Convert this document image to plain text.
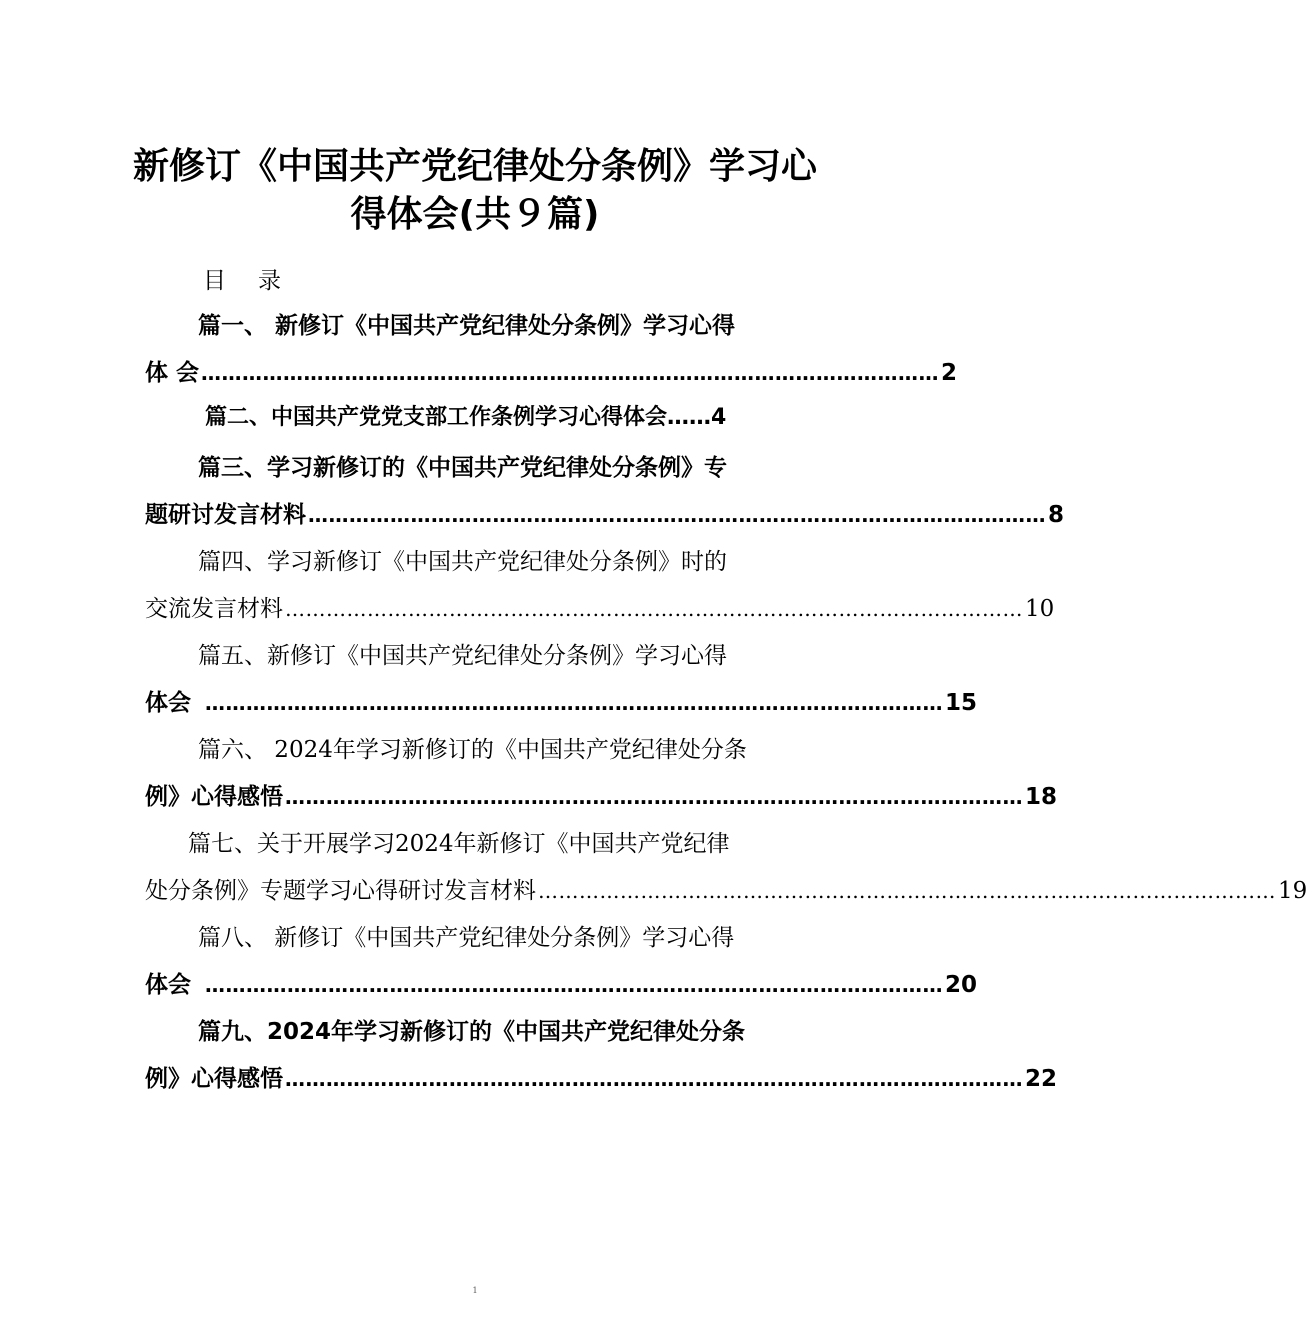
新修订《中国共产党纪律处分条例》学习心
得体会(共９篇)
目录
篇一、 新修订《中国共产党纪律处分条例》学习心得
体 会 ……………………………………………………………………………………………… 2
篇二、中国共产党党支部工作条例学习心得体会……4
篇三、学习新修订的《中国共产党纪律处分条例》专
题研讨发言材料 ……………………………………………………………………………………………… 8
篇四、学习新修订《中国共产党纪律处分条例》时的
交流发言材料 ……………………………………………………………………………………………… 10
篇五、新修订《中国共产党纪律处分条例》学习心得
体会 ……………………………………………………………………………………………… 15
篇六、 2024年学习新修订的《中国共产党纪律处分条
例》心得感悟 ……………………………………………………………………………………………… 18
篇七、关于开展学习2024年新修订《中国共产党纪律
处分条例》专题学习心得研讨发言材料 ……………………………………………………………………………………………… 19
篇八、 新修订《中国共产党纪律处分条例》学习心得
体会 ……………………………………………………………………………………………… 20
篇九、2024年学习新修订的《中国共产党纪律处分条
例》心得感悟 ……………………………………………………………………………………………… 22
1
